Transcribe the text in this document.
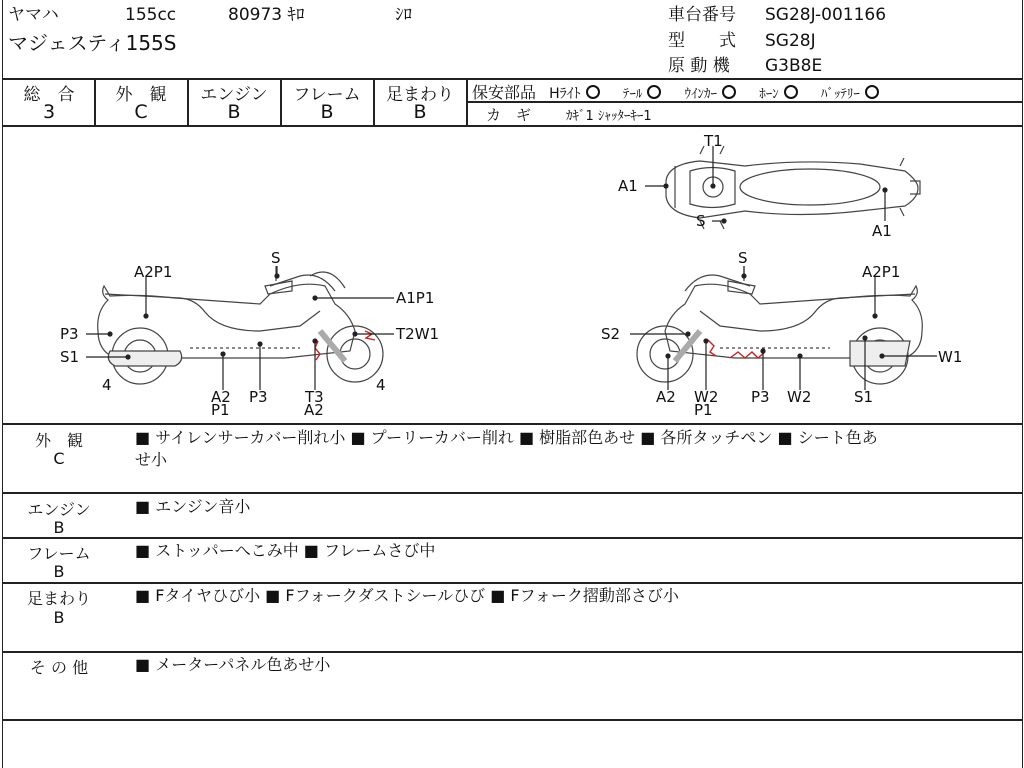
ヤマハ	155cc	80973 ｷﾛ	ｼﾛ
マジェスティ155S
車台番号 SG28J-001166
型　　式 SG28J
原 動 機 G3B8E
総　合
3
外　観
C
エンジン
B
フレーム
B
足まわり
B
保安部品 Hﾗｲﾄ	ﾃｰﾙ	ｳｲﾝｶｰ	ﾎｰﾝ	ﾊﾞｯﾃﾘｰ
カ　ギ	ｶｷﾞ1 ｼｬｯﾀｰｷｰ1
T1
A1
S
A1
S
A2P1
A1P1
P3	T2W1
S1
4	4
A2
P1
P3 T3
A2
S
A2P1
S2
W1
A2 W2
P1
P3 W2	S1
外　観
C
■ サイレンサーカバー削れ小 ■ プーリーカバー削れ ■ 樹脂部色あせ ■ 各所タッチペン ■ シート色あ
せ小
エンジン
B
■ エンジン音小
フレーム
B
■ ストッパーへこみ中 ■ フレームさび中
足まわり
B
■ Fタイヤひび小 ■ Fフォークダストシールひび ■ Fフォーク摺動部さび小
そ の 他	■ メーターパネル色あせ小
